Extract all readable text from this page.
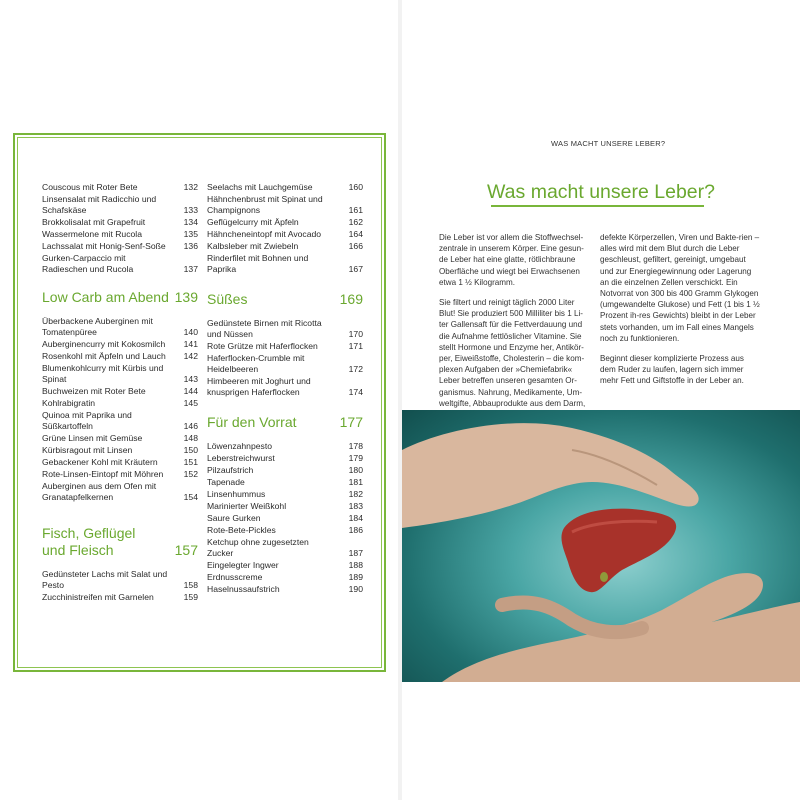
Couscous mit Roter Bete	132
Linsensalat mit Radicchio und Schafskäse	133
Brokkolisalat mit Grapefruit	134
Wassermelone mit Rucola	135
Lachssalat mit Honig-Senf-Soße	136
Gurken-Carpaccio mit Radieschen und Rucola	137
Low Carb am Abend 139
Überbackene Auberginen mit Tomatenpüree	140
Auberginencurry mit Kokosmilch	141
Rosenkohl mit Äpfeln und Lauch	142
Blumenkohlcurry mit Kürbis und Spinat	143
Buchweizen mit Roter Bete	144
Kohlrabigratin	145
Quinoa mit Paprika und Süßkartoffeln	146
Grüne Linsen mit Gemüse	148
Kürbisragout mit Linsen	150
Gebackener Kohl mit Kräutern	151
Rote-Linsen-Eintopf mit Möhren	152
Auberginen aus dem Ofen mit Granatapfelkernen	154
Fisch, Geflügel und Fleisch	157
Gedünsteter Lachs mit Salat und Pesto	158
Zucchinistreifen mit Garnelen	159
Seelachs mit Lauchgemüse	160
Hähnchenbrust mit Spinat und Champignons	161
Geflügelcurry mit Äpfeln	162
Hähncheneintopf mit Avocado	164
Kalbsleber mit Zwiebeln	166
Rinderfilet mit Bohnen und Paprika	167
Süßes	169
Gedünstete Birnen mit Ricotta und Nüssen	170
Rote Grütze mit Haferflocken	171
Haferflocken-Crumble mit Heidelbeeren	172
Himbeeren mit Joghurt und knusprigen Haferflocken	174
Für den Vorrat	177
Löwenzahnpesto	178
Leberstreichwurst	179
Pilzaufstrich	180
Tapenade	181
Linsenhummus	182
Marinierter Weißkohl	183
Saure Gurken	184
Rote-Bete-Pickles	186
Ketchup ohne zugesetzten Zucker	187
Eingelegter Ingwer	188
Erdnusscreme	189
Haselnussaufstrich	190
WAS MACHT UNSERE LEBER?
Was macht unsere Leber?

Die Leber ist vor allem die Stoffwechsel-zentrale in unserem Körper. Eine gesun-de Leber hat eine glatte, rötlichbraune Oberfläche und wiegt bei Erwachsenen etwa 1 ½ Kilogramm.

Sie filtert und reinigt täglich 2000 Liter Blut! Sie produziert 500 Milliliter bis 1 Li-ter Gallensaft für die Fettverdauung und die Aufnahme fettlöslicher Vitamine. Sie stellt Hormone und Enzyme her, Antikör-per, Eiweißstoffe, Cholesterin – die kom-plexen Aufgaben der »Chemiefabrik« Leber betreffen unseren gesamten Or-ganismus. Nahrung, Medikamente, Um-weltgifte, Abbauprodukte aus dem Darm,

defekte Körperzellen, Viren und Bakte-rien – alles wird mit dem Blut durch die Leber geschleust, gefiltert, gereinigt, umgebaut und zur Energiegewinnung oder Lagerung an die einzelnen Zellen verschickt. Ein Notvorrat von 300 bis 400 Gramm Glykogen (umgewandelte Glukose) und Fett (1 bis 1 ½ Prozent ih-res Gewichts) bleibt in der Leber stets vorhanden, um im Fall eines Mangels noch zu funktionieren.

Beginnt dieser komplizierte Prozess aus dem Ruder zu laufen, lagern sich immer mehr Fett und Giftstoffe in der Leber an.
